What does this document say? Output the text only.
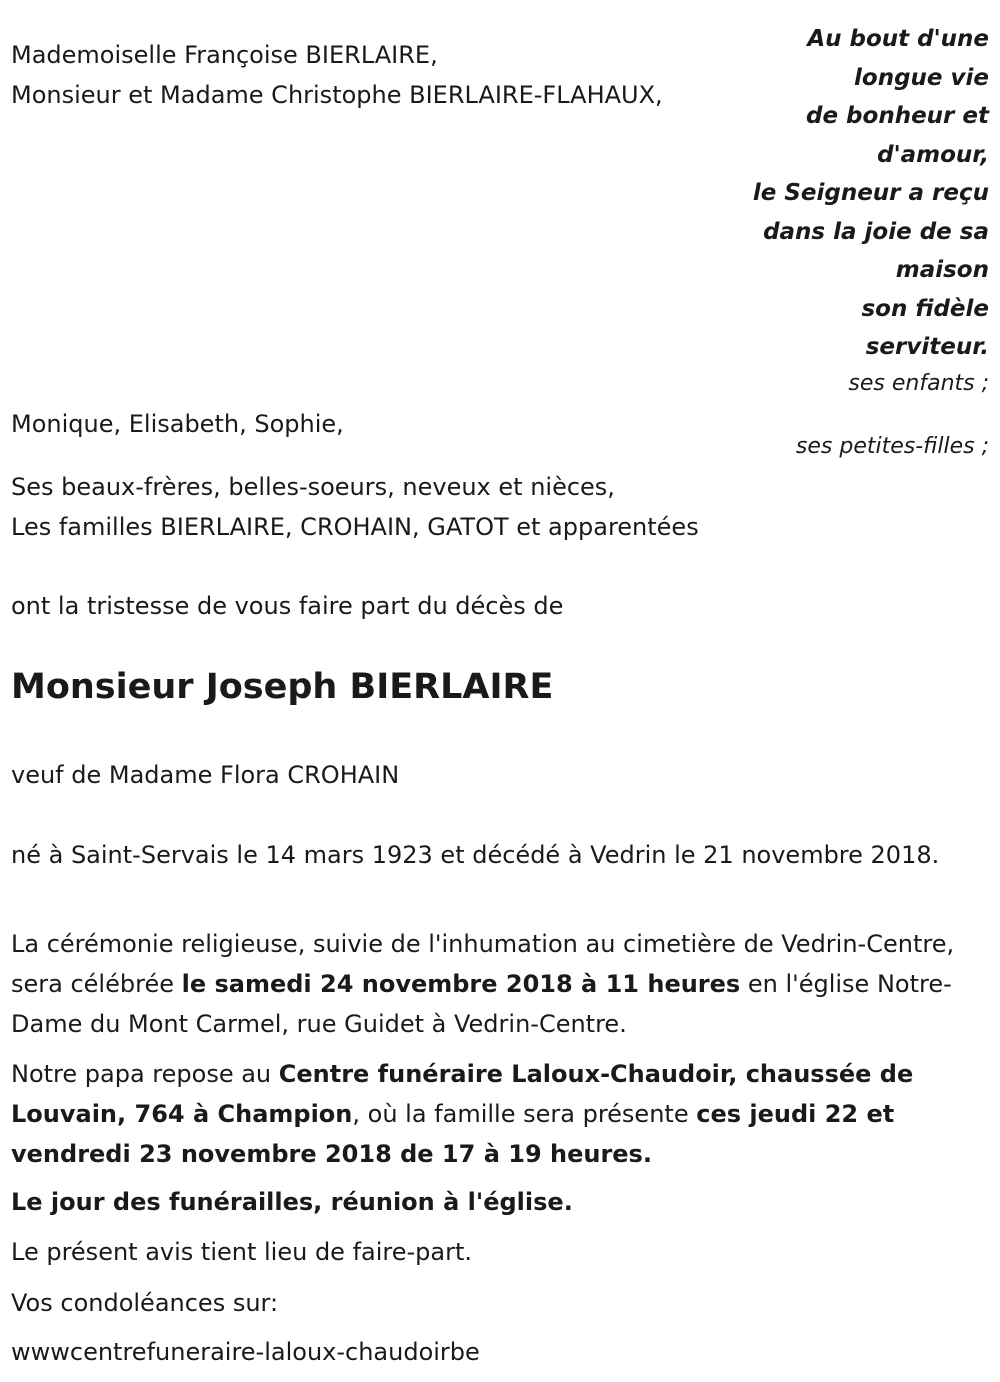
Mademoiselle Françoise BIERLAIRE,
Monsieur et Madame Christophe BIERLAIRE-FLAHAUX,
Au bout d'une
longue vie
de bonheur et
d'amour,
le Seigneur a reçu
dans la joie de sa
maison
son fidèle
serviteur.
ses enfants ;
Monique, Elisabeth, Sophie,
ses petites-filles ;
Ses beaux-frères, belles-soeurs, neveux et nièces,
Les familles BIERLAIRE, CROHAIN, GATOT et apparentées
ont la tristesse de vous faire part du décès de
Monsieur Joseph BIERLAIRE
veuf de Madame Flora CROHAIN
né à Saint-Servais le 14 mars 1923 et décédé à Vedrin le 21 novembre 2018.
La cérémonie religieuse, suivie de l'inhumation au cimetière de Vedrin-Centre, sera célébrée le samedi 24 novembre 2018 à 11 heures en l'église Notre-Dame du Mont Carmel, rue Guidet à Vedrin-Centre.
Notre papa repose au Centre funéraire Laloux-Chaudoir, chaussée de Louvain, 764 à Champion, où la famille sera présente ces jeudi 22 et vendredi 23 novembre 2018 de 17 à 19 heures.
Le jour des funérailles, réunion à l'église.
Le présent avis tient lieu de faire-part.
Vos condoléances sur:
wwwcentrefuneraire-laloux-chaudoirbe
